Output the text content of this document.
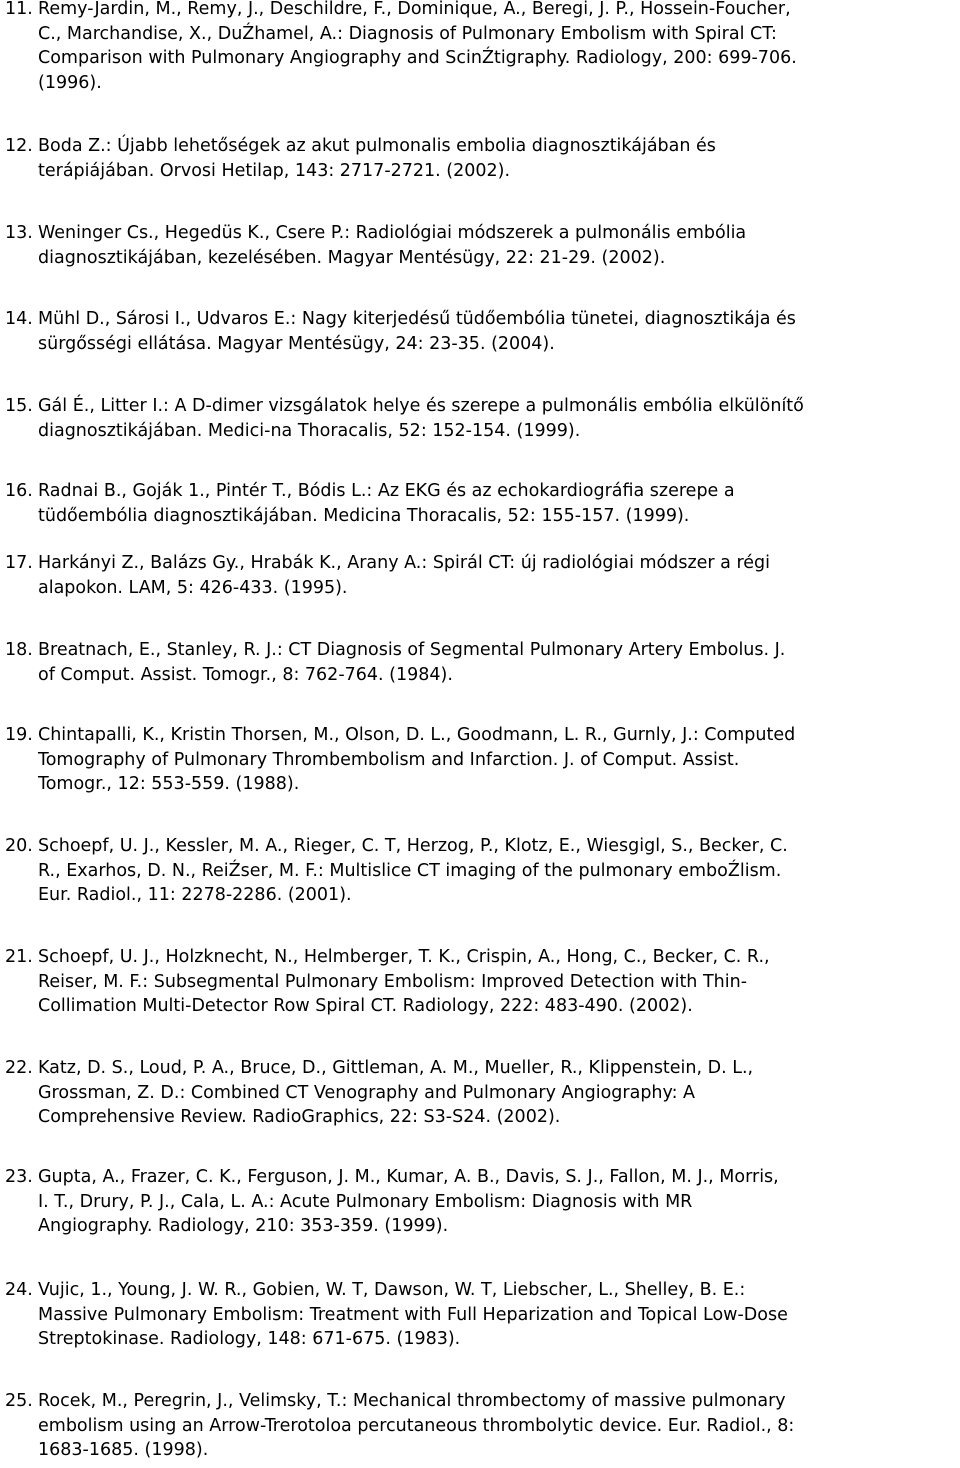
11. Remy-Jardin, M., Remy, J., Deschildre, F., Dominique, A., Beregi, J. P., Hossein-Foucher,
C., Marchandise, X., DuŹhamel, A.: Diagnosis of Pulmonary Embolism with Spiral CT:
Comparison with Pulmonary Angiography and ScinŹtigraphy. Radiology, 200: 699-706.
(1996).
12. Boda Z.: Újabb lehetőségek az akut pulmonalis embolia diagnosztikájában és
terápiájában. Orvosi Hetilap, 143: 2717-2721. (2002).
13. Weninger Cs., Hegedüs K., Csere P.: Radiológiai módszerek a pulmonális embólia
diagnosztikájában, kezelésében. Magyar Mentésügy, 22: 21-29. (2002).
14. Mühl D., Sárosi I., Udvaros E.: Nagy kiterjedésű tüdőembólia tünetei, diagnosztikája és
sürgősségi ellátása. Magyar Mentésügy, 24: 23-35. (2004).
15. Gál É., Litter I.: A D-dimer vizsgálatok helye és szerepe a pulmonális embólia elkülönítő
diagnosztikájában. Medici-na Thoracalis, 52: 152-154. (1999).
16. Radnai B., Goják 1., Pintér T., Bódis L.: Az EKG és az echokardiográfia szerepe a
tüdőembólia diagnosztikájában. Medicina Thoracalis, 52: 155-157. (1999).
17. Harkányi Z., Balázs Gy., Hrabák K., Arany A.: Spirál CT: új radiológiai módszer a régi
alapokon. LAM, 5: 426-433. (1995).
18. Breatnach, E., Stanley, R. J.: CT Diagnosis of Segmental Pulmonary Artery Embolus. J.
of Comput. Assist. Tomogr., 8: 762-764. (1984).
19. Chintapalli, K., Kristin Thorsen, M., Olson, D. L., Goodmann, L. R., Gurnly, J.: Computed
Tomography of Pulmonary Thrombembolism and Infarction. J. of Comput. Assist.
Tomogr., 12: 553-559. (1988).
20. Schoepf, U. J., Kessler, M. A., Rieger, C. T, Herzog, P., Klotz, E., Wiesgigl, S., Becker, C.
R., Exarhos, D. N., ReiŹser, M. F.: Multislice CT imaging of the pulmonary emboŹlism.
Eur. Radiol., 11: 2278-2286. (2001).
21. Schoepf, U. J., Holzknecht, N., Helmberger, T. K., Crispin, A., Hong, C., Becker, C. R.,
Reiser, M. F.: Subsegmental Pulmonary Embolism: Improved Detection with Thin-
Collimation Multi-Detector Row Spiral CT. Radiology, 222: 483-490. (2002).
22. Katz, D. S., Loud, P. A., Bruce, D., Gittleman, A. M., Mueller, R., Klippenstein, D. L.,
Grossman, Z. D.: Combined CT Venography and Pulmonary Angiography: A
Comprehensive Review. RadioGraphics, 22: S3-S24. (2002).
23. Gupta, A., Frazer, C. K., Ferguson, J. M., Kumar, A. B., Davis, S. J., Fallon, M. J., Morris,
I. T., Drury, P. J., Cala, L. A.: Acute Pulmonary Embolism: Diagnosis with MR
Angiography. Radiology, 210: 353-359. (1999).
24. Vujic, 1., Young, J. W. R., Gobien, W. T, Dawson, W. T, Liebscher, L., Shelley, B. E.:
Massive Pulmonary Embolism: Treatment with Full Heparization and Topical Low-Dose
Streptokinase. Radiology, 148: 671-675. (1983).
25. Rocek, M., Peregrin, J., Velimsky, T.: Mechanical thrombectomy of massive pulmonary
embolism using an Arrow-Trerotoloa percutaneous thrombolytic device. Eur. Radiol., 8:
1683-1685. (1998).
